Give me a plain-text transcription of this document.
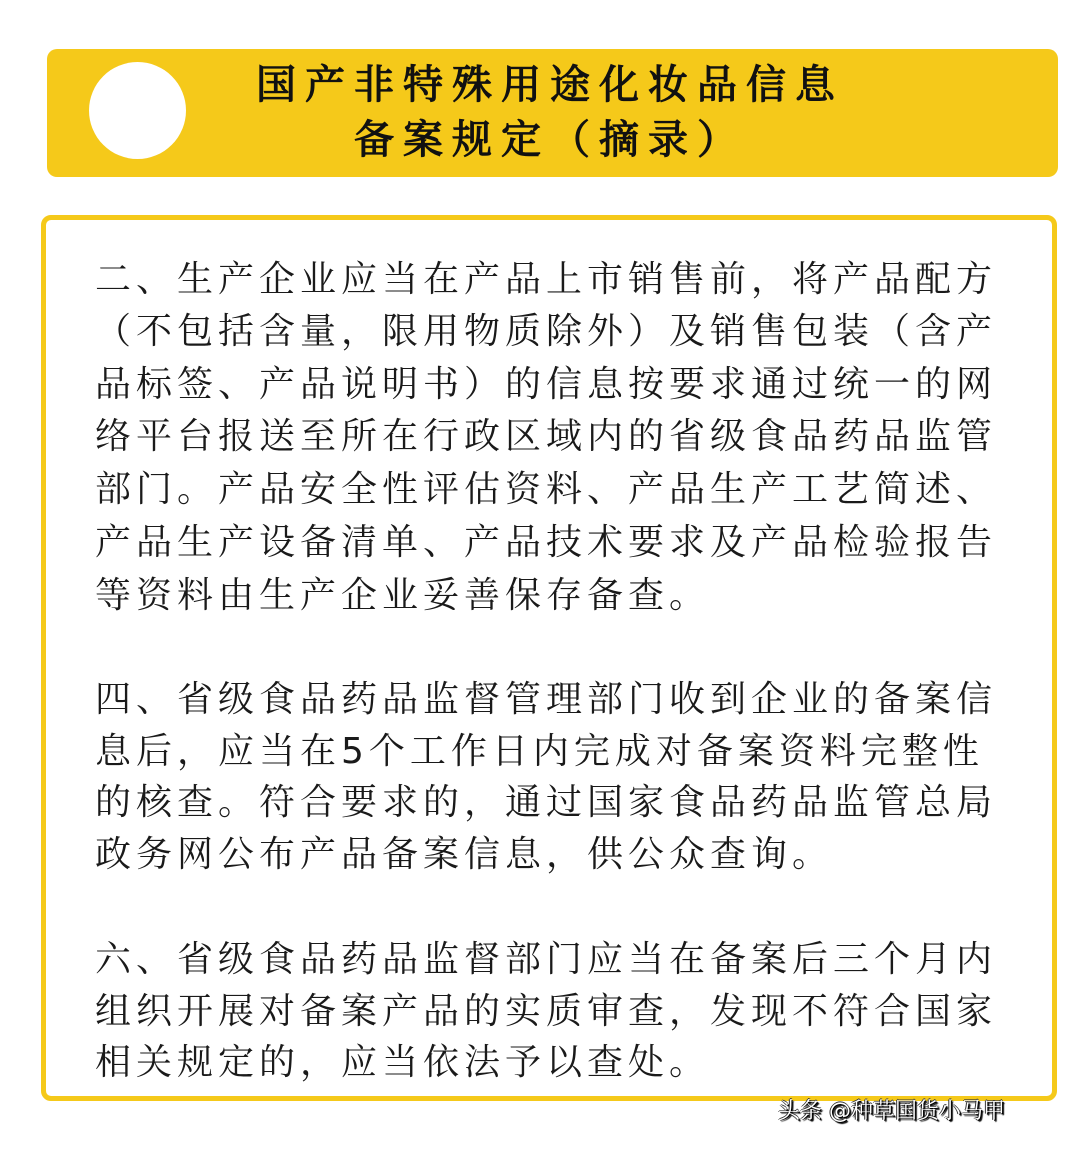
国产非特殊用途化妆品信息
备案规定（摘录）
二、生产企业应当在产品上市销售前，将产品配方
（不包括含量，限用物质除外）及销售包装（含产
品标签、产品说明书）的信息按要求通过统一的网
络平台报送至所在行政区域内的省级食品药品监管
部门。产品安全性评估资料、产品生产工艺简述、
产品生产设备清单、产品技术要求及产品检验报告
等资料由生产企业妥善保存备查。
四、省级食品药品监督管理部门收到企业的备案信
息后，应当在5个工作日内完成对备案资料完整性
的核查。符合要求的，通过国家食品药品监管总局
政务网公布产品备案信息，供公众查询。
六、省级食品药品监督部门应当在备案后三个月内
组织开展对备案产品的实质审查，发现不符合国家
相关规定的，应当依法予以查处。
头条 @种草国货小马甲
